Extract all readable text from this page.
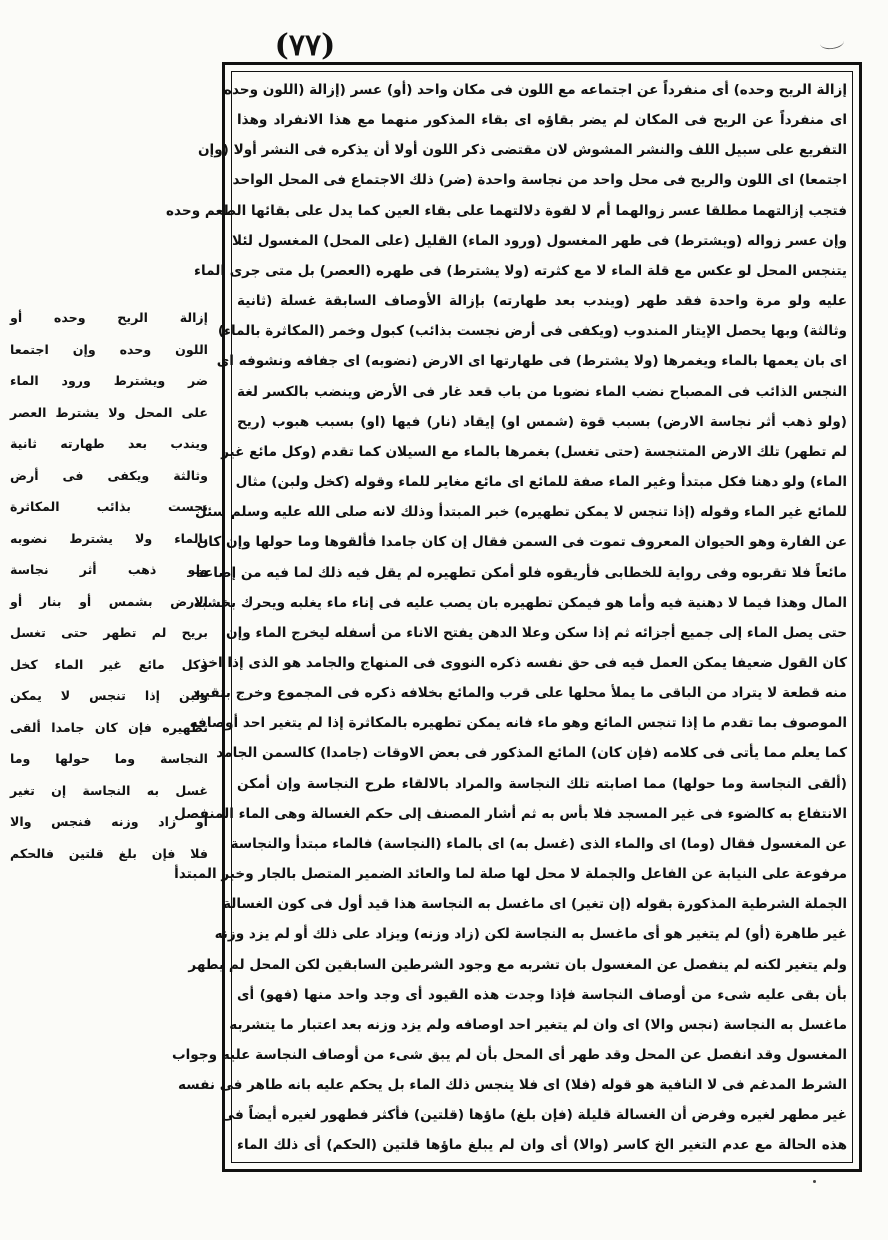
(٧٧)
إزالة الريح وحده) أى منفرداً عن اجتماعه مع اللون فى مكان واحد (أو) عسر (إزالة (اللون وحده
اى منفرداً عن الريح فى المكان لم يضر بقاؤه اى بقاء المذكور منهما مع هذا الانفراد وهذا
التفريع على سبيل اللف والنشر المشوش لان مقتضى ذكر اللون أولا أن يذكره فى النشر أولا (وإن
اجتمعا) اى اللون والريح فى محل واحد من نجاسة واحدة (ضر) ذلك الاجتماع فى المحل الواحد
فتجب إزالتهما مطلقا عسر زوالهما أم لا لقوة دلالتهما على بقاء العين كما يدل على بقائها الطعم وحده
وإن عسر زواله (ويشترط) فى طهر المغسول (ورود الماء) القليل (على المحل) المغسول لئلا
يتنجس المحل لو عكس مع قلة الماء لا مع كثرته (ولا يشترط) فى طهره (العصر) بل متى جرى الماء
عليه ولو مرة واحدة فقد طهر (ويندب بعد طهارته) بإزالة الأوصاف السابقة غسلة (ثانية
وثالثة) وبها يحصل الإيتار المندوب (ويكفى فى أرض نجست بذائب) كبول وخمر (المكاثرة بالماء)
اى بان يعمها بالماء ويغمرها (ولا يشترط) فى طهارتها اى الارض (نضوبه) اى جفافه ونشوفه اى
النجس الذائب فى المصباح نضب الماء نضوبا من باب قعد غار فى الأرض وينضب بالكسر لغة
(ولو ذهب أثر نجاسة الارض) بسبب قوة (شمس او) إيقاد (نار) فيها (او) بسبب هبوب (ريح
لم تطهر) تلك الارض المتنجسة (حتى تغسل) بغمرها بالماء مع السيلان كما تقدم (وكل مائع غير
الماء) ولو دهنا فكل مبتدأ وغير الماء صفة للمائع اى مائع مغاير للماء وقوله (كخل ولبن) مثال
للمائع غير الماء وقوله (إذا تنجس لا يمكن تطهيره) خبر المبتدأ وذلك لانه صلى الله عليه وسلم سئل
عن الفارة وهو الحيوان المعروف تموت فى السمن فقال إن كان جامدا فألقوها وما حولها وإن كان
مائعاً فلا تقربوه وفى رواية للخطابى فأريقوه فلو أمكن تطهيره لم يقل فيه ذلك لما فيه من إضاعة
المال وهذا فيما لا دهنية فيه وأما هو فيمكن تطهيره بان يصب عليه فى إناء ماء يغلبه ويحرك بخشبة
حتى يصل الماء إلى جميع أجزائه ثم إذا سكن وعلا الدهن يفتح الاناء من أسفله ليخرج الماء وإن
كان القول ضعيفا يمكن العمل فيه فى حق نفسه ذكره النووى فى المنهاج والجامد هو الذى إذا اخذ
منه قطعة لا يتراد من الباقى ما يملأ محلها على قرب والمائع بخلافه ذكره فى المجموع وخرج بتقييد
الموصوف بما تقدم ما إذا تنجس المائع وهو ماء فانه يمكن تطهيره بالمكاثرة إذا لم يتغير احد أوصافه
كما يعلم مما يأتى فى كلامه (فإن كان) المائع المذكور فى بعض الاوقات (جامدا) كالسمن الجامد
(ألقى النجاسة وما حولها) مما اصابته تلك النجاسة والمراد بالالقاء طرح النجاسة وإن أمكن
الانتفاع به كالضوء فى غير المسجد فلا بأس به ثم أشار المصنف إلى حكم الغسالة وهى الماء المنفصل
عن المغسول فقال (وما) اى والماء الذى (غسل به) اى بالماء (النجاسة) فالماء مبتدأ والنجاسة
مرفوعة على النيابة عن الفاعل والجملة لا محل لها صلة لما والعائد الضمير المتصل بالجار وخبر المبتدأ
الجملة الشرطية المذكورة بقوله (إن تغير) اى ماغسل به النجاسة هذا قيد أول فى كون الغسالة
غير طاهرة (أو) لم يتغير هو أى ماغسل به النجاسة لكن (زاد وزنه) ويزاد على ذلك أو لم يزد وزنه
ولم يتغير لكنه لم ينفصل عن المغسول بان تشربه مع وجود الشرطين السابقين لكن المحل لم يطهر
بأن بقى عليه شىء من أوصاف النجاسة فإذا وجدت هذه القيود أى وجد واحد منها (فهو) أى
ماغسل به النجاسة (نجس والا) اى وان لم يتغير احد اوصافه ولم يزد وزنه بعد اعتبار ما يتشربه
المغسول وقد انفصل عن المحل وقد طهر أى المحل بأن لم يبق شىء من أوصاف النجاسة عليه وجواب
الشرط المدغم فى لا النافية هو قوله (فلا) اى فلا ينجس ذلك الماء بل يحكم عليه بانه طاهر فى نفسه
غير مطهر لغيره وفرض أن الغسالة قليلة (فإن بلغ) ماؤها (قلتين) فأكثر فطهور لغيره أيضاً فى
هذه الحالة مع عدم التغير الخ كاسر (والا) أى وان لم يبلغ ماؤها قلتين (الحكم) أى ذلك الماء
إزالة الريح وحده أو
اللون وحده وإن اجتمعا
ضر ويشترط ورود الماء
على المحل ولا يشترط العصر
ويندب بعد طهارته ثانية
وثالثة ويكفى فى أرض
نجست بذائب المكاثرة
بالماء ولا يشترط نضوبه
ولو ذهب أثر نجاسة
الارض بشمس أو بنار أو
بريح لم تطهر حتى تغسل
وكل مائع غير الماء كخل
ولبن إذا تنجس لا يمكن
تطهيره فإن كان جامدا ألقى
النجاسة وما حولها وما
غسل به النجاسة إن تغير
أو زاد وزنه فنجس والا
فلا فإن بلغ قلتين فالحكم
